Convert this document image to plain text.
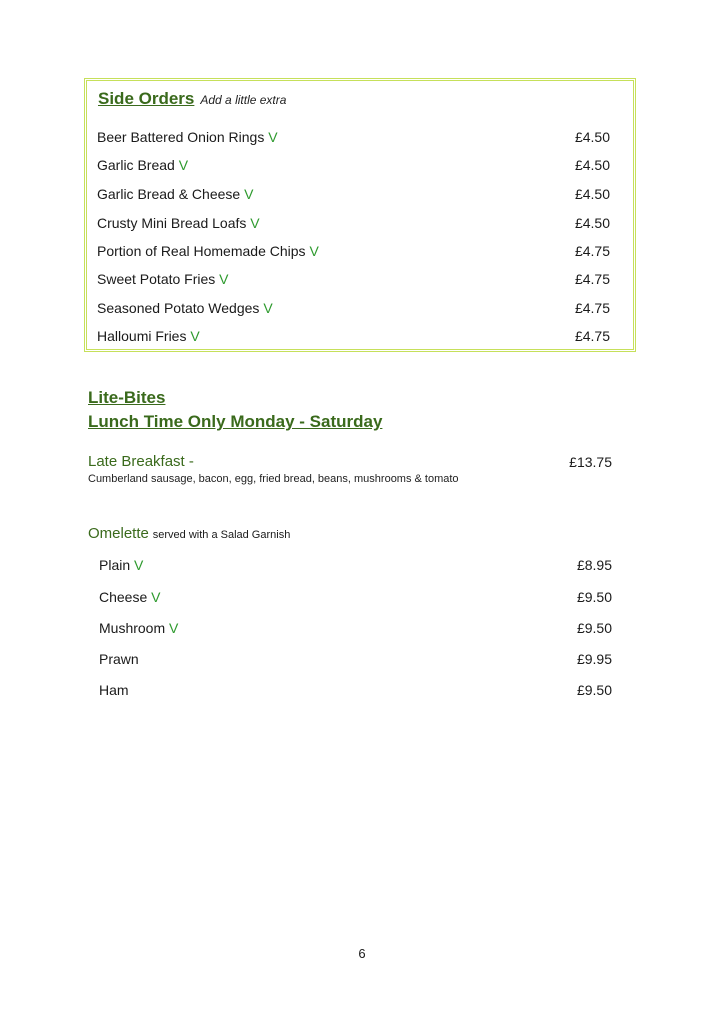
Side Orders Add a little extra
Beer Battered Onion Rings V	£4.50
Garlic Bread V	£4.50
Garlic Bread & Cheese V	£4.50
Crusty Mini Bread Loafs V	£4.50
Portion of Real Homemade Chips V	£4.75
Sweet Potato Fries V	£4.75
Seasoned Potato Wedges V	£4.75
Halloumi Fries V	£4.75
Lite-Bites
Lunch Time Only Monday - Saturday
Late Breakfast -	£13.75
Cumberland sausage, bacon, egg, fried bread, beans, mushrooms & tomato
Omelette served with a Salad Garnish
Plain V	£8.95
Cheese V	£9.50
Mushroom V	£9.50
Prawn	£9.95
Ham	£9.50
6
